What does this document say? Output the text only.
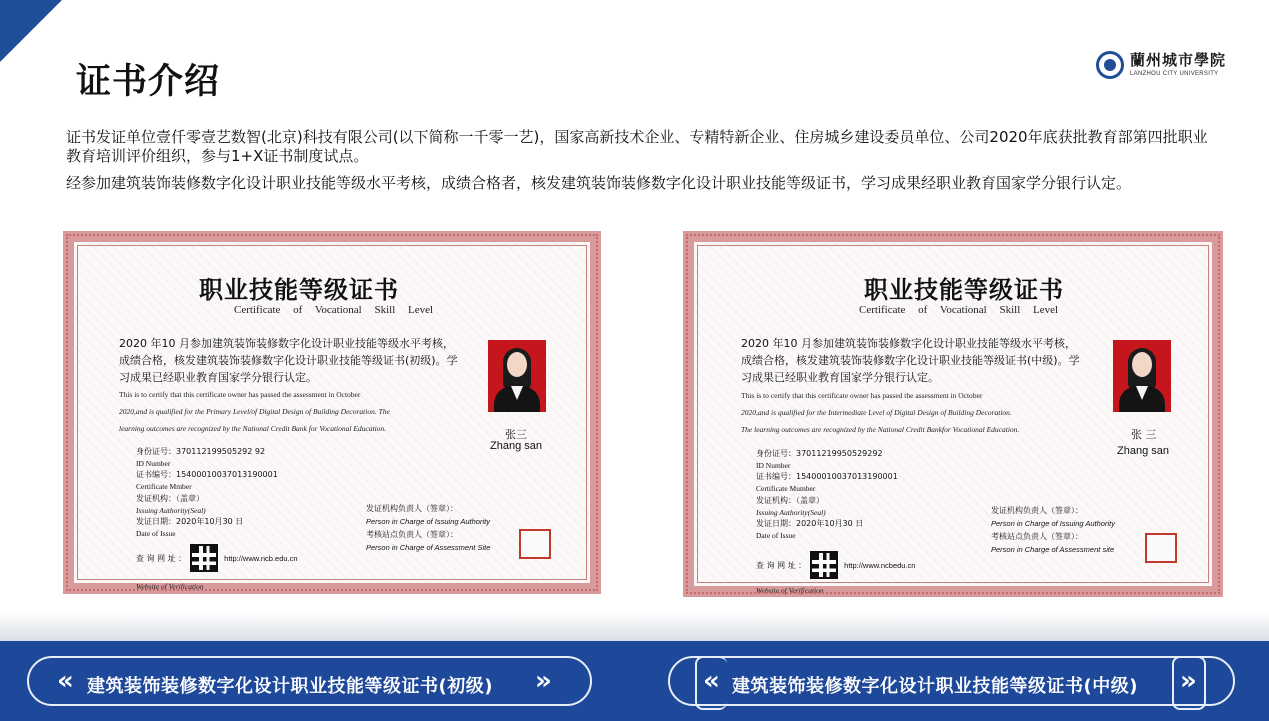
证书介绍
蘭州城市學院
LANZHOU CITY UNIVERSITY

证书发证单位壹仟零壹艺数智(北京)科技有限公司(以下简称一千零一艺)，国家高新技术企业、专精特新企业、住房城乡建设委员单位、公司2020年底获批教育部第四批职业教育培训评价组织，参与1+X证书制度试点。

经参加建筑装饰装修数字化设计职业技能等级水平考核，成绩合格者，核发建筑装饰装修数字化设计职业技能等级证书，学习成果经职业教育国家学分银行认定。

职业技能等级证书
Certificate of Vocational Skill Level
2020 年10 月参加建筑装饰装修数字化设计职业技能等级水平考核，成绩合格，核发建筑装饰装修数字化设计职业技能等级证书(初级)。学习成果已经职业教育国家学分银行认定。
This is to certify that this certificate owner has passed the assessment in October
2020,and is qualified for the Primary Level/of Digital Design of Building Decoration. The
learning outcomes are recognized by the National Credit Bank for Vocational Education.	张三
Zhang san
身份证号：370112199505292 92
ID Number
证书编号：15400010037013190001
Certificate Mmber
发证机构：（盖章）
Issuing Authority(Seal)
发证日期：2020年10月30 日
Date of Issue
查 询 网 址 ：	http://www.ncb.edu.cn
Website of Verification
发证机构负责人（签章）：
Person in Charge of Issuing Authority
考核站点负责人（签章）：
Person in Charge of Assessment Site
职业技能等级证书
Certificate of Vocational Skill Level
2020 年10 月参加建筑装饰装修数字化设计职业技能等级水平考核，成绩合格，核发建筑装饰装修数字化设计职业技能等级证书(中级)。学习成果已经职业教育国家学分银行认定。
This is to certify that this certificate owner has passed the assessment in October
2020,and is qualified for the Intermediate Level of Digital Design of Building Decoration.
The learning outcomes are recognized by the National Credit Bankfor Vocational Education.	张 三
Zhang san
身份证号：37011219950529292
ID Number
证书编号：15400010037013190001
Certificate Mumber
发证机构：（盖章）
Issuing Authority(Seal)
发证日期：2020年10月30 日
Date of Issue
查 询 网 址 ：	http://www.ncbedu.cn
Website of Verification
发证机构负责人（签章）：
Person in Charge of Issuing Authority
考核站点负责人（签章）：
Person in Charge of Assessment site
« 建筑装饰装修数字化设计职业技能等级证书(初级) »	« 建筑装饰装修数字化设计职业技能等级证书(中级) »
